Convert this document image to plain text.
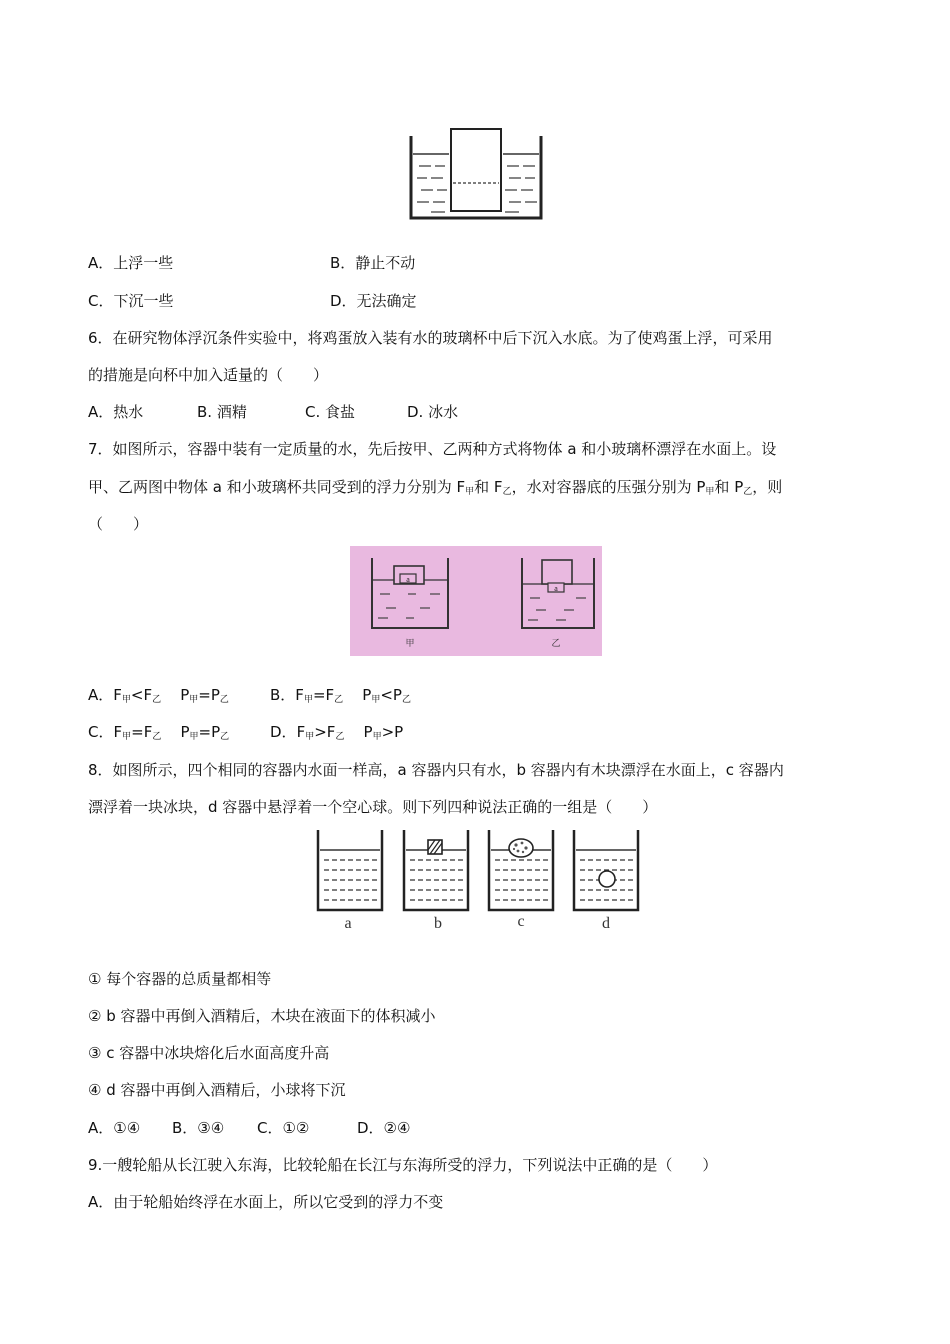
A．上浮一些	B．静止不动
C．下沉一些	D．无法确定
6．在研究物体浮沉条件实验中，将鸡蛋放入装有水的玻璃杯中后下沉入水底。为了使鸡蛋上浮，可采用
的措施是向杯中加入适量的（　　）
A．热水	B. 酒精	C. 食盐	D. 冰水
7．如图所示，容器中装有一定质量的水，先后按甲、乙两种方式将物体 a 和小玻璃杯漂浮在水面上。设
甲、乙两图中物体 a 和小玻璃杯共同受到的浮力分别为 $F_甲$和 $F_乙$，水对容器底的压强分别为 $P_甲$和 $P_乙$，则
（　　）
a
甲
a
乙
A．$F_甲<F_乙$ $P_甲=P_乙$	B．$F_甲=F_乙$ $P_甲<P_乙$
C．$F_甲=F_乙$ $P_甲=P_乙$	D．$F_甲>F_乙$ $P_甲>P$
8．如图所示，四个相同的容器内水面一样高，a 容器内只有水，b 容器内有木块漂浮在水面上，c 容器内
漂浮着一块冰块，d 容器中悬浮着一个空心球。则下列四种说法正确的一组是（　　）
a	b	c	d
① 每个容器的总质量都相等
② b 容器中再倒入酒精后，木块在液面下的体积减小
③ c 容器中冰块熔化后水面高度升高
④ d 容器中再倒入酒精后，小球将下沉
A．①④ B．③④ C．①②	D．②④
9.一艘轮船从长江驶入东海，比较轮船在长江与东海所受的浮力，下列说法中正确的是（　　）
A．由于轮船始终浮在水面上，所以它受到的浮力不变
